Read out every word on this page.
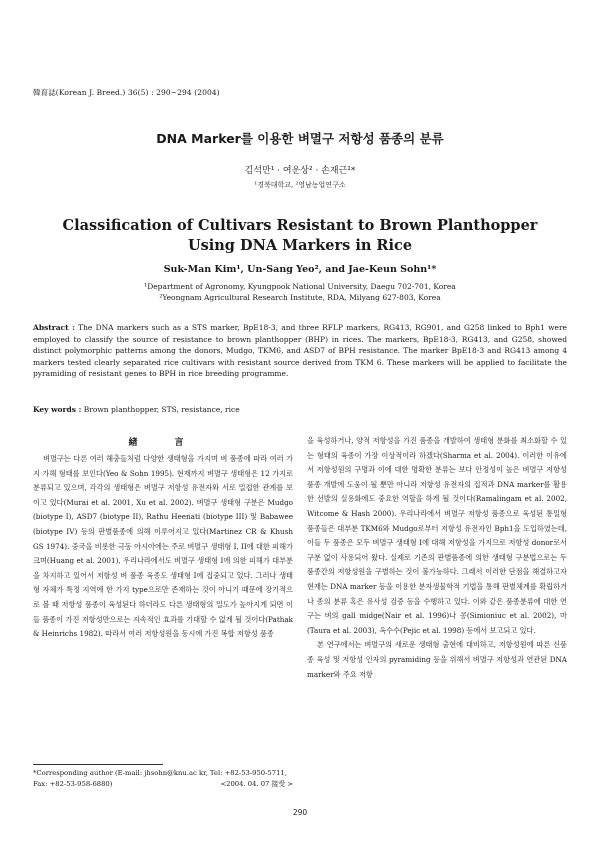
韓育誌(Korean J. Breed.) 36(5) : 290~294 (2004)
DNA Marker를 이용한 벼멸구 저항성 품종의 분류
김석만¹ · 여운상² · 손재근¹*
¹경북대학교, ²영남농업연구소
Classification of Cultivars Resistant to Brown Planthopper Using DNA Markers in Rice
Suk-Man Kim¹, Un-Sang Yeo², and Jae-Keun Sohn¹*
¹Department of Agronomy, Kyungpook National University, Daegu 702-701, Korea
²Yeongnam Agricultural Research Institute, RDA, Milyang 627-803, Korea
Abstract : The DNA markers such as a STS marker, BpE18-3, and three RFLP markers, RG413, RG901, and G258 linked to Bph1 were employed to classify the source of resistance to brown planthopper (BHP) in rices. The markers, BpE18-3, RG413, and G258, showed distinct polymorphic patterns among the donors, Mudgo, TKM6, and ASD7 of BPH resistance. The marker BpE18-3 and RG413 among 4 markers tested clearly separated rice cultivars with resistant source derived from TKM 6. These markers will be applied to facilitate the pyramiding of resistant genes to BPH in rice breeding programme.
Key words : Brown planthopper, STS, resistance, rice
緖　言

벼멸구는 다른 여러 해충들처럼 다양한 생태형을 가지며 벼 품종에 따라 여러 가지 가해 형태를 보인다(Yeo & Sohn 1995). 현재까지 벼멸구 생태형은 12 가지로 분류되고 있으며, 각각의 생태형은 벼멸구 저항성 유전자와 서로 밀접한 관계를 보이고 있다(Murai et al. 2001, Xu et al. 2002). 벼멸구 생태형 구분은 Mudgo (biotype I), ASD7 (biotype II), Rathu Heenati (biotype III) 및 Babawee (biotype IV) 등의 판별품종에 의해 이루어지고 있다(Martinez CR & Khush GS 1974). 중국을 비롯한 극동 아시아에는 주로 벼멸구 생태형 I, II에 대한 피해가 크며(Huang et al. 2001), 우리나라에서도 벼멸구 생태형 I에 의한 피해가 대부분을 차지하고 있어서 저항성 벼 품종 육종도 생태형 I에 집중되고 있다. 그러나 생태형 자체가 특정 지역에 한 가지 type으로만 존재하는 것이 아니기 때문에 장기적으로 볼 때 저항성 품종이 육성된다 하더라도 다른 생태형의 밀도가 높아지게 되면 이들 품종이 가진 저항성만으로는 지속적인 효과를 기대할 수 없게 될 것이다(Pathak & Heinrichs 1982). 따라서 여러 저항성원을 동시에 가진 복합 저항성 품종

을 육성하거나, 양적 저항성을 가진 품종을 개발하여 생태형 분화를 최소화할 수 있는 형태의 육종이 가장 이상적이라 하겠다(Sharma et al. 2004). 이러한 이유에서 저항성원의 구명과 이에 대한 명확한 분류는 보다 안정성이 높은 벼멸구 저항성 품종 개발에 도움이 될 뿐만 아니라 저항성 유전자의 집적과 DNA marker를 활용한 선발의 실용화에도 중요한 역할을 하게 될 것이다(Ramalingam et al. 2002, Witcome & Hash 2000). 우리나라에서 벼멸구 저항성 품종으로 육성된 통일형 품종들은 대부분 TKM6와 Mudgo로부터 저항성 유전자인 Bph1을 도입하였는데, 이들 두 품종은 모두 벼멸구 생태형 I에 대해 저항성을 가지므로 저항성 donor로서 구분 없이 사용되어 왔다. 실제로 기존의 판별품종에 의한 생태형 구분법으로는 두 품종간의 저항성원을 구별하는 것이 불가능하다. 그래서 이러한 단점을 해결하고자 현재는 DNA marker 등을 이용한 분자생물학적 기법을 통해 판별체계를 확립하거나 종의 분류 혹은 유사성 검증 등을 수행하고 있다. 이와 같은 품종분류에 대한 연구는 벼의 gall midge(Nair et al. 1996)나 콩(Simioniuc et al. 2002), 마(Taura et al. 2003), 옥수수(Pejic et al. 1998) 등에서 보고되고 있다.

본 연구에서는 벼멸구의 새로운 생태형 출현에 대비하고, 저항성원에 따른 신품종 육성 및 저항성 인자의 pyramiding 등을 위해서 벼멸구 저항성과 연관된 DNA marker와 주요 저항

*Corresponding author (E-mail: jhsohn@knu.ac kr, Tel: +82-53-950-5711, Fax: +82-53-958-6880)	<2004. 04. 07 接受 >
290
